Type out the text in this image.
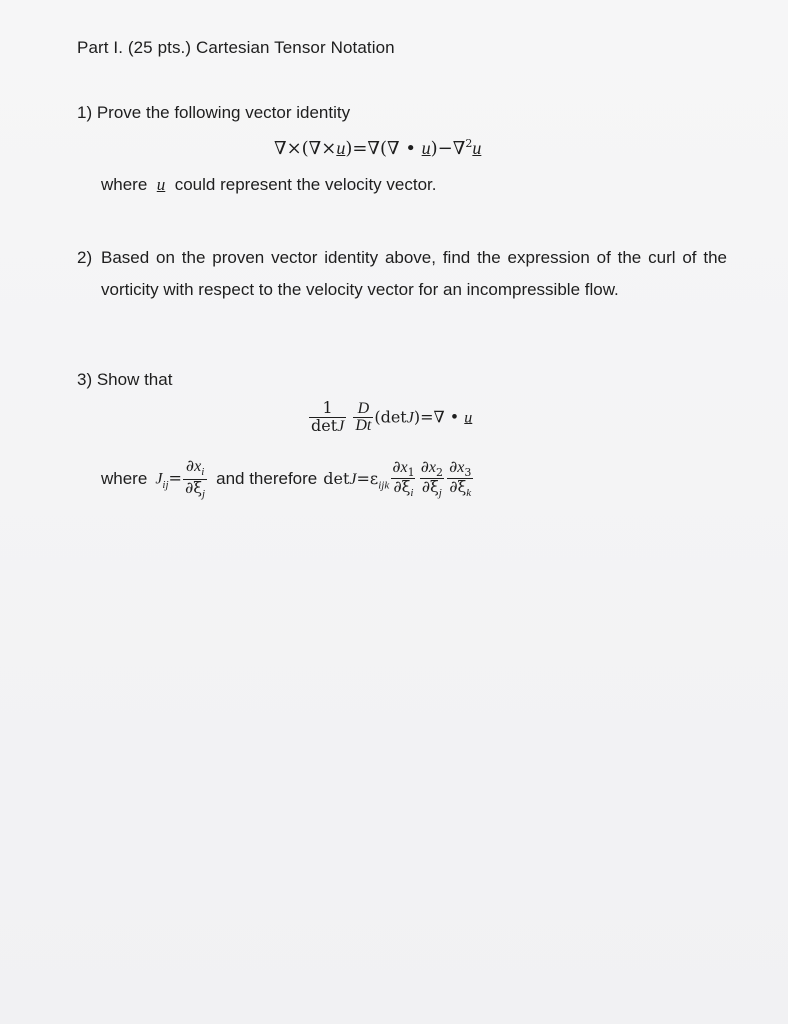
Part I. (25 pts.) Cartesian Tensor Notation
1) Prove the following vector identity
∇×(∇×u)=∇(∇ • u)−∇$^2$u
where u could represent the velocity vector.
2) Based on the proven vector identity above, find the expression of the curl of the vorticity with respect to the velocity vector for an incompressible flow.
3) Show that
$\frac{1}{\det J}$
$\frac{D}{Dt} (\det J)=\nabla$ • u
where $J_{ij}= \frac{\partial x_i}{\partial\xi_j}$ and therefore $\det J=\varepsilon_{ijk} \frac{\partial x_1}{\partial\xi_i} \frac{\partial x_2}{\partial\xi_j} \frac{\partial x_3}{\partial\xi_k}$
